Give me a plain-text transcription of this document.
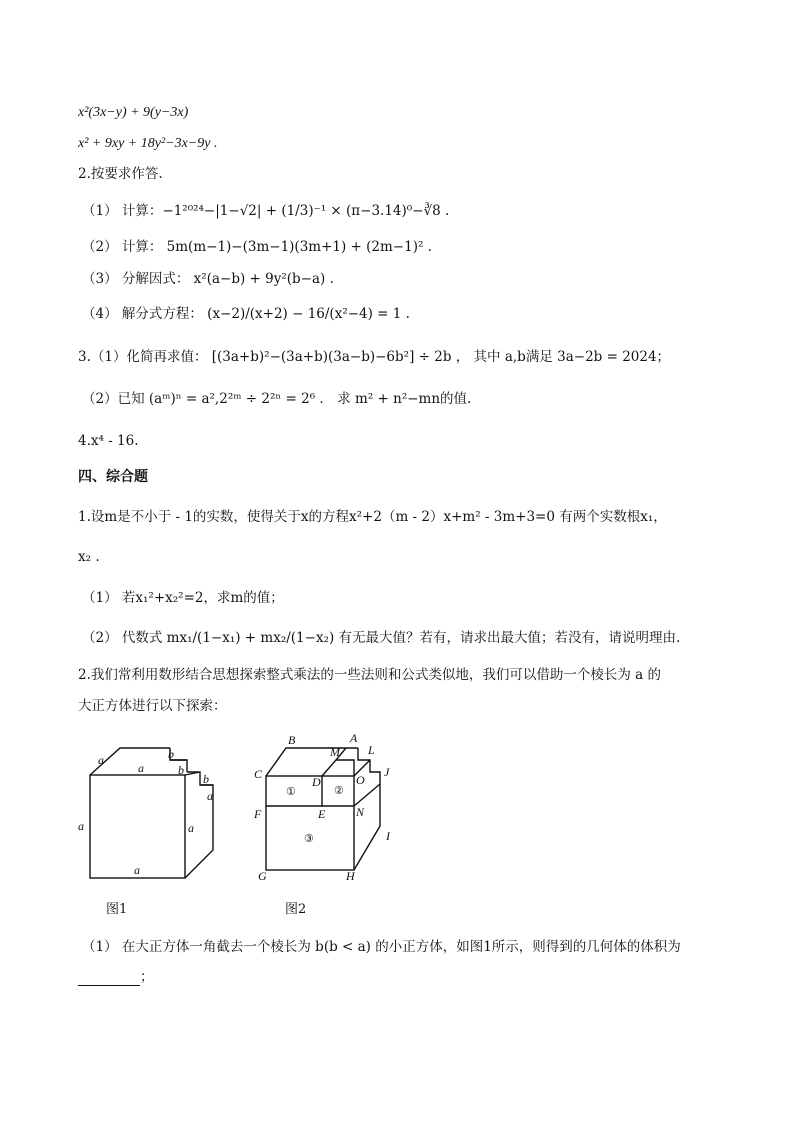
x²(3x−y) + 9(y−3x)
x² + 9xy + 18y²−3x−9y .
2.按要求作答.
（1） 计算：−1²⁰²⁴−|1−√2| + (1/3)⁻¹ × (π−3.14)⁰−∛8 .
（2） 计算： 5m(m−1)−(3m−1)(3m+1) + (2m−1)² .
（3） 分解因式： x²(a−b) + 9y²(b−a) .
（4） 解分式方程： (x−2)/(x+2) − 16/(x²−4) = 1 .
3.（1）化简再求值： [(3a+b)²−(3a+b)(3a−b)−6b²] ÷ 2b ， 其中 a,b满足 3a−2b = 2024；
（2）已知 (aᵐ)ⁿ = a²,2²ᵐ ÷ 2²ⁿ = 2⁶ ． 求 m² + n²−mn的值.
4.x⁴ - 16.
四、综合题
1.设m是不小于 - 1的实数，使得关于x的方程x²+2（m - 2）x+m² - 3m+3=0 有两个实数根x₁，
x₂ .
（1） 若x₁²+x₂²=2，求m的值；
（2） 代数式 mx₁/(1−x₁) + mx₂/(1−x₂) 有无最大值？若有，请求出最大值；若没有，请说明理由.
2.我们常利用数形结合思想探索整式乘法的一些法则和公式类似地，我们可以借助一个棱长为 a 的
大正方体进行以下探索：
a
a
b
b
b
a
a	a
a
图1
B	A
M L
C
D	O
J
F	E	N
I
G	H
①	②
③
图2
（1） 在大正方体一角截去一个棱长为 b(b < a) 的小正方体，如图1所示，则得到的几何体的体积为
；
